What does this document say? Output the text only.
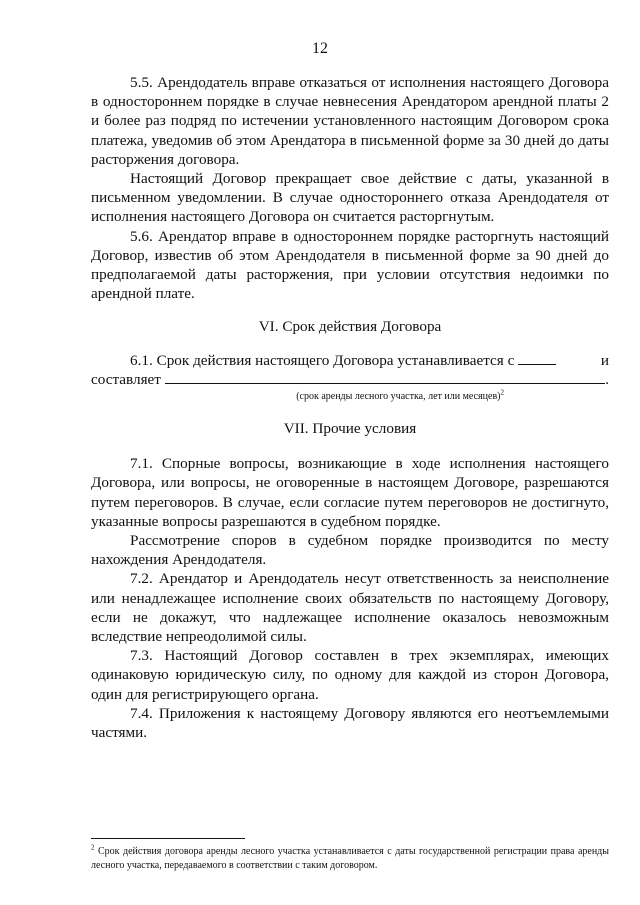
12

5.5. Арендодатель вправе отказаться от исполнения настоящего Договора в одностороннем порядке в случае невнесения Арендатором арендной платы 2 и более раз подряд по истечении установленного настоящим Договором срока платежа, уведомив об этом Арендатора в письменной форме за 30 дней до даты расторжения договора.

Настоящий Договор прекращает свое действие с даты, указанной в письменном уведомлении. В случае одностороннего отказа Арендодателя от исполнения настоящего Договора он считается расторгнутым.

5.6. Арендатор вправе в одностороннем порядке расторгнуть настоящий Договор, известив об этом Арендодателя в письменной форме за 90 дней до предполагаемой даты расторжения, при условии отсутствия недоимки по арендной плате.

VI. Срок действия Договора

6.1. Срок действия настоящего Договора устанавливается с	и
составляет	.

(срок аренды лесного участка, лет или месяцев)$^2$

VII. Прочие условия

7.1. Спорные вопросы, возникающие в ходе исполнения настоящего Договора, или вопросы, не оговоренные в настоящем Договоре, разрешаются путем переговоров. В случае, если согласие путем переговоров не достигнуто, указанные вопросы разрешаются в судебном порядке.

Рассмотрение споров в судебном порядке производится по месту нахождения Арендодателя.

7.2. Арендатор и Арендодатель несут ответственность за неисполнение или ненадлежащее исполнение своих обязательств по настоящему Договору, если не докажут, что надлежащее исполнение оказалось невозможным вследствие непреодолимой силы.

7.3. Настоящий Договор составлен в трех экземплярах, имеющих одинаковую юридическую силу, по одному для каждой из сторон Договора, один для регистрирующего органа.

7.4. Приложения к настоящему Договору являются его неотъемлемыми частями.

$^2$ Срок действия договора аренды лесного участка устанавливается с даты государственной регистрации права аренды лесного участка, передаваемого в соответствии с таким договором.
